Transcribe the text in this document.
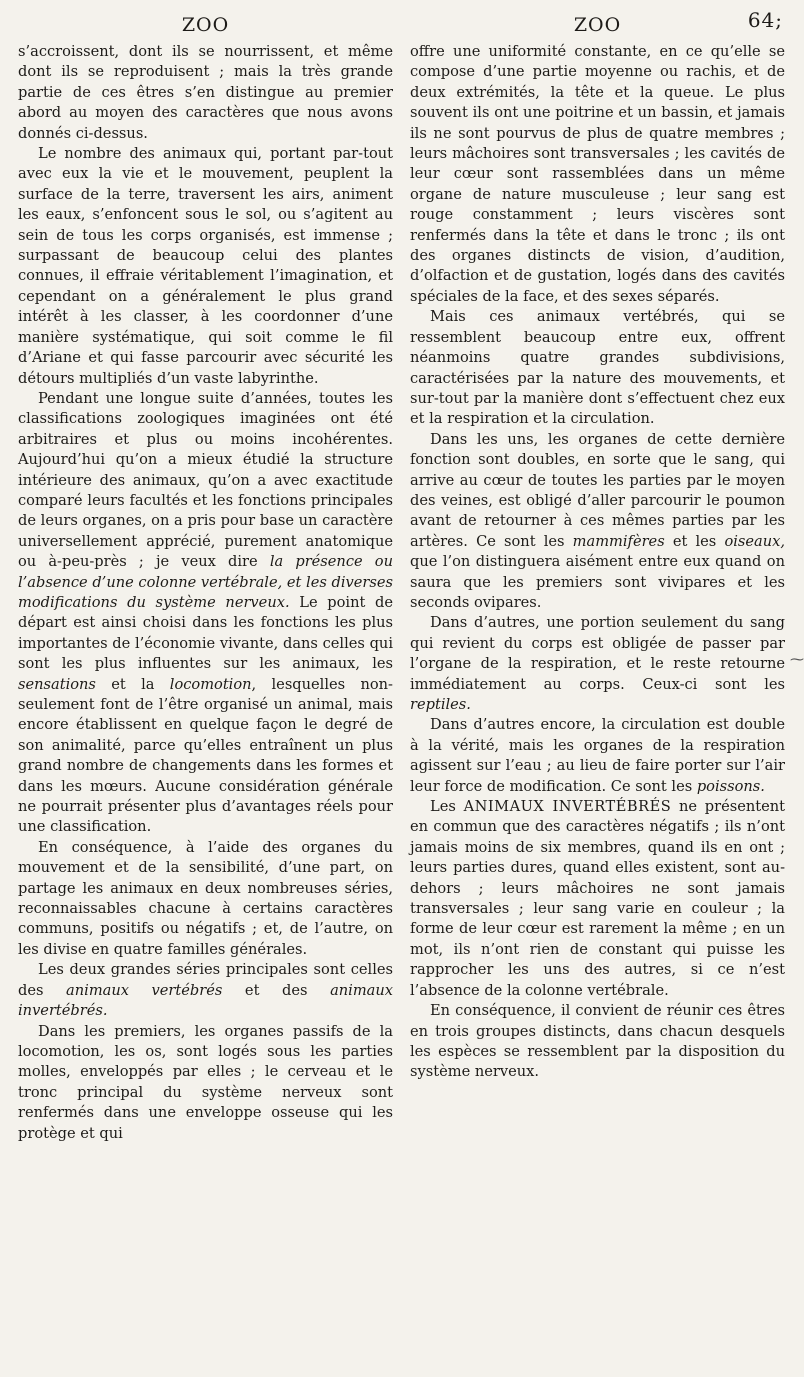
ZOO

s’accroissent, dont ils se nourrissent, et même dont ils se reproduisent ; mais la très grande partie de ces êtres s’en distingue au premier abord au moyen des caractères que nous avons donnés ci-dessus.

Le nombre des animaux qui, portant par-tout avec eux la vie et le mouvement, peuplent la surface de la terre, traversent les airs, animent les eaux, s’enfoncent sous le sol, ou s’agitent au sein de tous les corps organisés, est immense ; surpassant de beaucoup celui des plantes connues, il effraie véritablement l’imagination, et cependant on a généralement le plus grand intérêt à les classer, à les coordonner d’une manière systématique, qui soit comme le fil d’Ariane et qui fasse parcourir avec sécurité les détours multipliés d’un vaste labyrinthe.

Pendant une longue suite d’années, toutes les classifications zoologiques imaginées ont été arbitraires et plus ou moins incohérentes. Aujourd’hui qu’on a mieux étudié la structure intérieure des animaux, qu’on a avec exactitude comparé leurs facultés et les fonctions principales de leurs organes, on a pris pour base un caractère universellement apprécié, purement anatomique ou à-peu-près ; je veux dire la présence ou l’absence d’une colonne vertébrale, et les diverses modifications du système nerveux. Le point de départ est ainsi choisi dans les fonctions les plus importantes de l’économie vivante, dans celles qui sont les plus influentes sur les animaux, les sensations et la locomotion, lesquelles non-seulement font de l’être organisé un animal, mais encore établissent en quelque façon le degré de son animalité, parce qu’elles entraînent un plus grand nombre de changements dans les formes et dans les mœurs. Aucune considération générale ne pourrait présenter plus d’avantages réels pour une classification.

En conséquence, à l’aide des organes du mouvement et de la sensibilité, d’une part, on partage les animaux en deux nombreuses séries, reconnaissables chacune à certains caractères communs, positifs ou négatifs ; et, de l’autre, on les divise en quatre familles générales.

Les deux grandes séries principales sont celles des animaux vertébrés et des animaux invertébrés.

Dans les premiers, les organes passifs de la locomotion, les os, sont logés sous les parties molles, enveloppés par elles ; le cerveau et le tronc principal du système nerveux sont renfermés dans une enveloppe osseuse qui les protège et qui

ZOO	64;

offre une uniformité constante, en ce qu’elle se compose d’une partie moyenne ou rachis, et de deux extrémités, la tête et la queue. Le plus souvent ils ont une poitrine et un bassin, et jamais ils ne sont pourvus de plus de quatre membres ; leurs mâchoires sont transversales ; les cavités de leur cœur sont rassemblées dans un même organe de nature musculeuse ; leur sang est rouge constamment ; leurs viscères sont renfermés dans la tête et dans le tronc ; ils ont des organes distincts de vision, d’audition, d’olfaction et de gustation, logés dans des cavités spéciales de la face, et des sexes séparés.

Mais ces animaux vertébrés, qui se ressemblent beaucoup entre eux, offrent néanmoins quatre grandes subdivisions, caractérisées par la nature des mouvements, et sur-tout par la manière dont s’effectuent chez eux et la respiration et la circulation.

Dans les uns, les organes de cette dernière fonction sont doubles, en sorte que le sang, qui arrive au cœur de toutes les parties par le moyen des veines, est obligé d’aller parcourir le poumon avant de retourner à ces mêmes parties par les artères. Ce sont les mammifères et les oiseaux, que l’on distinguera aisément entre eux quand on saura que les premiers sont vivipares et les seconds ovipares.

Dans d’autres, une portion seulement du sang qui revient du corps est obligée de passer par l’organe de la respiration, et le reste retourne immédiatement au corps. Ceux-ci sont les reptiles.

Dans d’autres encore, la circulation est double à la vérité, mais les organes de la respiration agissent sur l’eau ; au lieu de faire porter sur l’air leur force de modification. Ce sont les poissons.

Les ANIMAUX INVERTÉBRÉS ne présentent en commun que des caractères négatifs ; ils n’ont jamais moins de six membres, quand ils en ont ; leurs parties dures, quand elles existent, sont au-dehors ; leurs mâchoires ne sont jamais transversales ; leur sang varie en couleur ; la forme de leur cœur est rarement la même ; en un mot, ils n’ont rien de constant qui puisse les rapprocher les uns des autres, si ce n’est l’absence de la colonne vertébrale.

En conséquence, il convient de réunir ces êtres en trois groupes distincts, dans chacun desquels les espèces se ressemblent par la disposition du système nerveux.

⁓
